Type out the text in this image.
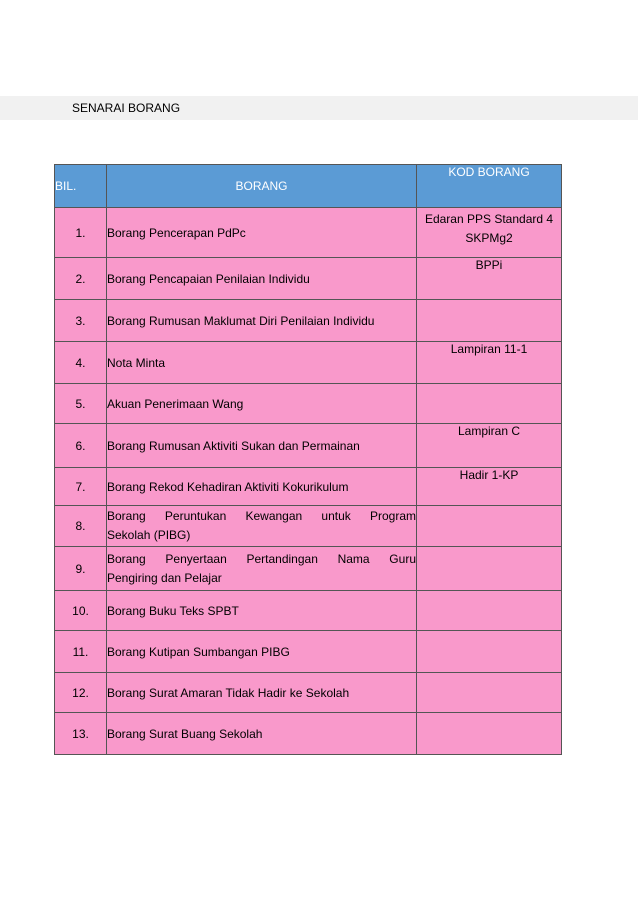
SENARAI BORANG
BIL.	BORANG	KOD BORANG
1.	Borang Pencerapan PdPc	Edaran PPS Standard 4
SKPMg2

2.	Borang Pencapaian Penilaian Individu	BPPi
3.	Borang Rumusan Maklumat Diri Penilaian Individu	
4.	Nota Minta	Lampiran 11-1
5.	Akuan Penerimaan Wang	
6.	Borang Rumusan Aktiviti Sukan dan Permainan	Lampiran C
7.	Borang Rekod Kehadiran Aktiviti Kokurikulum	Hadir 1-KP
8.	Borang Peruntukan Kewangan untuk Program
Sekolah (PIBG)	

9.	Borang Penyertaan Pertandingan Nama Guru
Pengiring dan Pelajar	

10.	Borang Buku Teks SPBT	
11.	Borang Kutipan Sumbangan PIBG	
12.	Borang Surat Amaran Tidak Hadir ke Sekolah	
13.	Borang Surat Buang Sekolah	
